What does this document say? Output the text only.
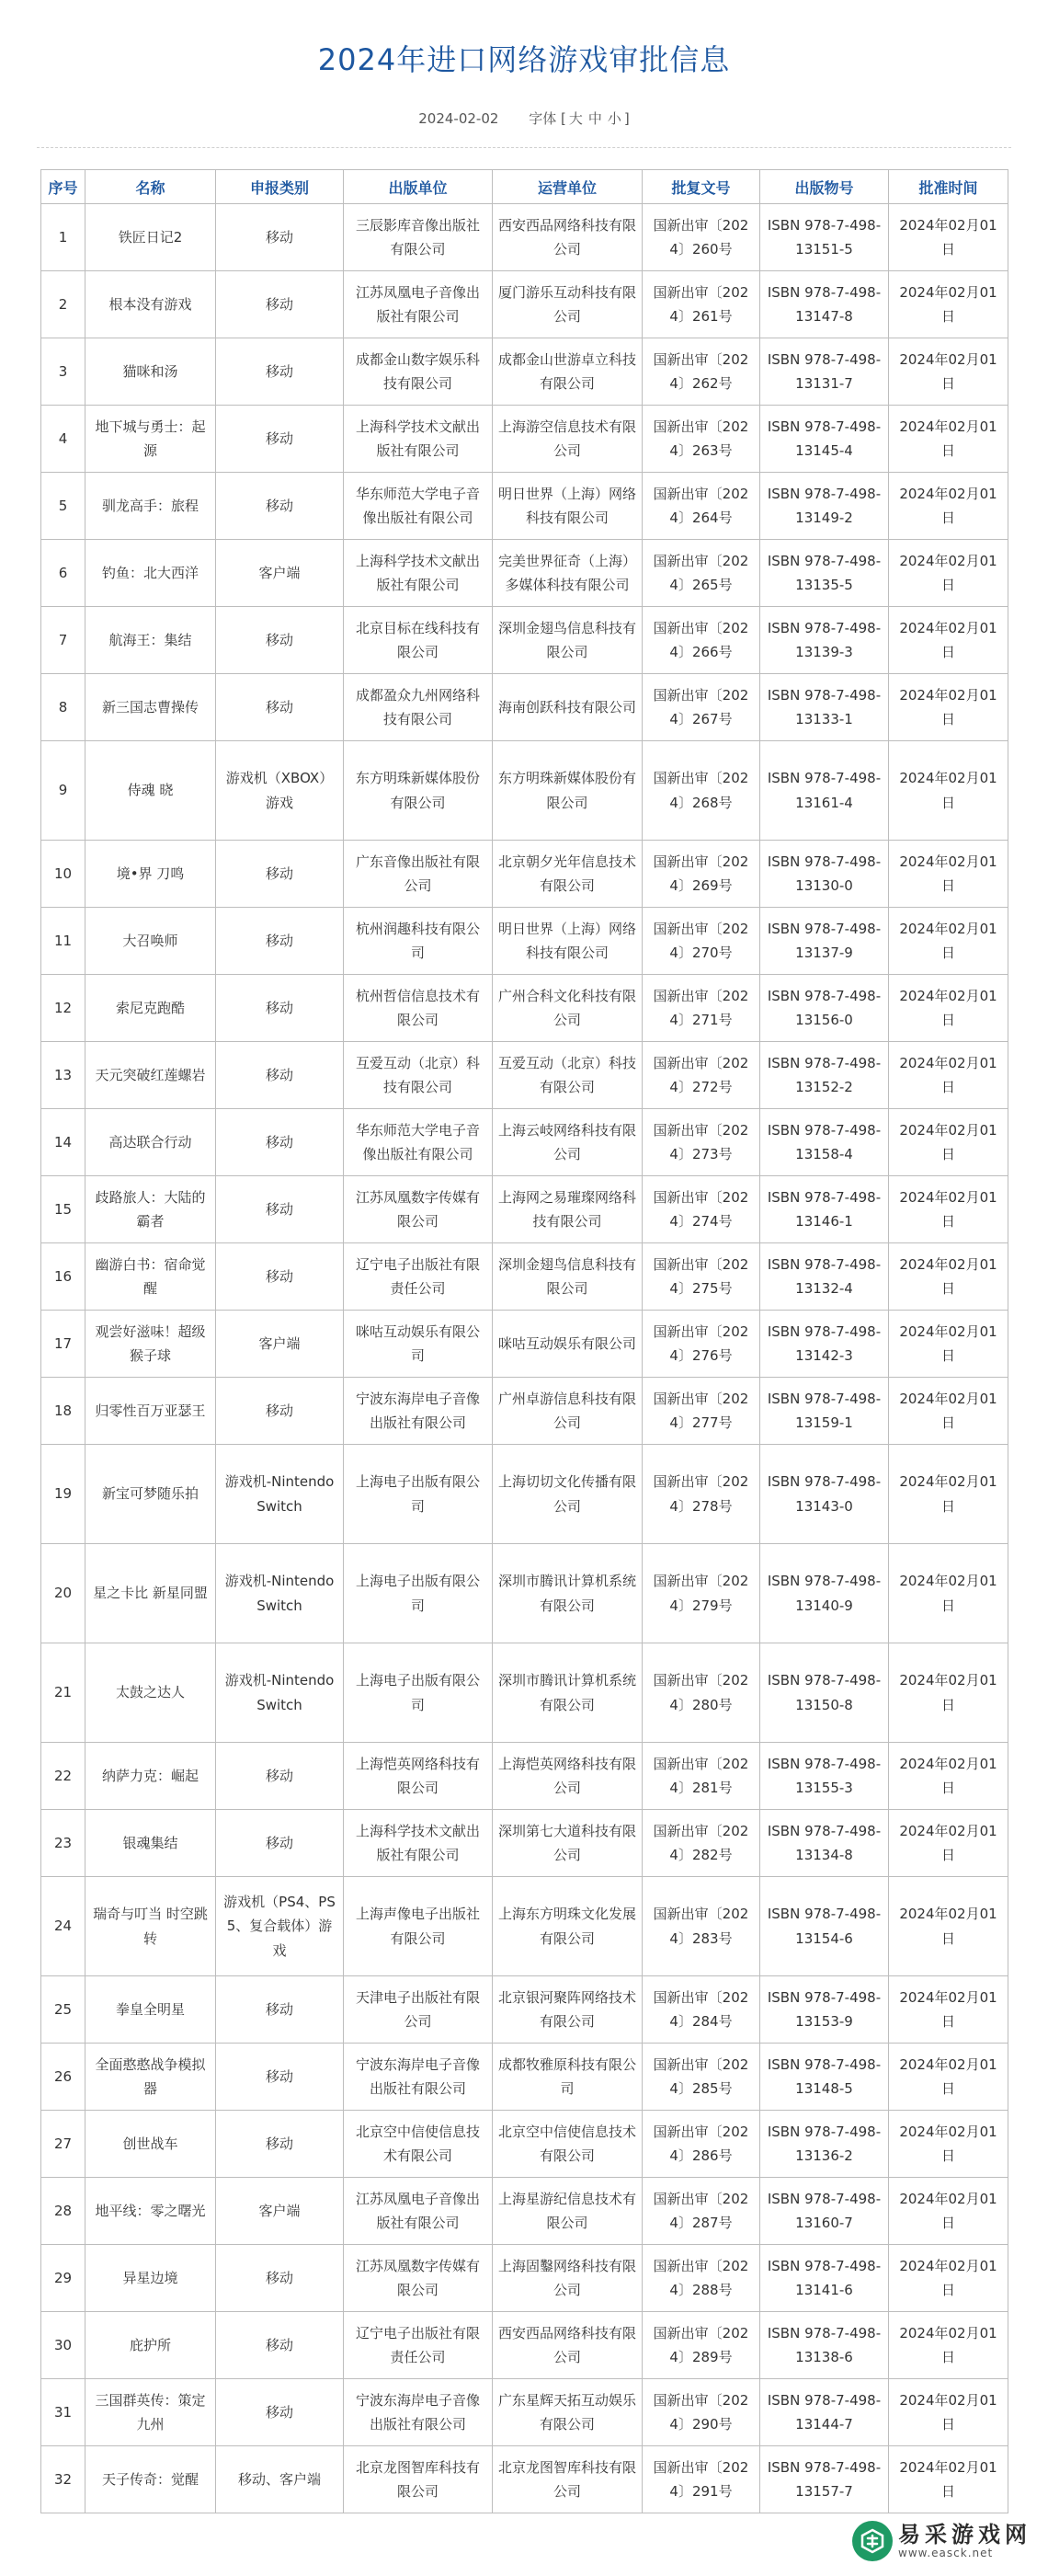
2024年进口网络游戏审批信息
2024-02-02 字体 [ 大 中 小 ]
序号	名称	申报类别	出版单位	运营单位	批复文号	出版物号	批准时间
1	铁匠日记2	移动	三辰影库音像出版社有限公司	西安西品网络科技有限公司	国新出审〔2024〕260号	ISBN 978-7-498-13151-5	2024年02月01日
2	根本没有游戏	移动	江苏凤凰电子音像出版社有限公司	厦门游乐互动科技有限公司	国新出审〔2024〕261号	ISBN 978-7-498-13147-8	2024年02月01日
3	猫咪和汤	移动	成都金山数字娱乐科技有限公司	成都金山世游卓立科技有限公司	国新出审〔2024〕262号	ISBN 978-7-498-13131-7	2024年02月01日
4	地下城与勇士：起源	移动	上海科学技术文献出版社有限公司	上海游空信息技术有限公司	国新出审〔2024〕263号	ISBN 978-7-498-13145-4	2024年02月01日
5	驯龙高手：旅程	移动	华东师范大学电子音像出版社有限公司	明日世界（上海）网络科技有限公司	国新出审〔2024〕264号	ISBN 978-7-498-13149-2	2024年02月01日
6	钓鱼：北大西洋	客户端	上海科学技术文献出版社有限公司	完美世界征奇（上海）多媒体科技有限公司	国新出审〔2024〕265号	ISBN 978-7-498-13135-5	2024年02月01日
7	航海王：集结	移动	北京目标在线科技有限公司	深圳金翅鸟信息科技有限公司	国新出审〔2024〕266号	ISBN 978-7-498-13139-3	2024年02月01日
8	新三国志曹操传	移动	成都盈众九州网络科技有限公司	海南创跃科技有限公司	国新出审〔2024〕267号	ISBN 978-7-498-13133-1	2024年02月01日
9	侍魂 晓	游戏机（XBOX）游戏	东方明珠新媒体股份有限公司	东方明珠新媒体股份有限公司	国新出审〔2024〕268号	ISBN 978-7-498-13161-4	2024年02月01日
10	境•界 刀鸣	移动	广东音像出版社有限公司	北京朝夕光年信息技术有限公司	国新出审〔2024〕269号	ISBN 978-7-498-13130-0	2024年02月01日
11	大召唤师	移动	杭州润趣科技有限公司	明日世界（上海）网络科技有限公司	国新出审〔2024〕270号	ISBN 978-7-498-13137-9	2024年02月01日
12	索尼克跑酷	移动	杭州哲信信息技术有限公司	广州合科文化科技有限公司	国新出审〔2024〕271号	ISBN 978-7-498-13156-0	2024年02月01日
13	天元突破红莲螺岩	移动	互爱互动（北京）科技有限公司	互爱互动（北京）科技有限公司	国新出审〔2024〕272号	ISBN 978-7-498-13152-2	2024年02月01日
14	高达联合行动	移动	华东师范大学电子音像出版社有限公司	上海云岐网络科技有限公司	国新出审〔2024〕273号	ISBN 978-7-498-13158-4	2024年02月01日
15	歧路旅人：大陆的霸者	移动	江苏凤凰数字传媒有限公司	上海网之易璀璨网络科技有限公司	国新出审〔2024〕274号	ISBN 978-7-498-13146-1	2024年02月01日
16	幽游白书：宿命觉醒	移动	辽宁电子出版社有限责任公司	深圳金翅鸟信息科技有限公司	国新出审〔2024〕275号	ISBN 978-7-498-13132-4	2024年02月01日
17	观尝好滋味！超级猴子球	客户端	咪咕互动娱乐有限公司	咪咕互动娱乐有限公司	国新出审〔2024〕276号	ISBN 978-7-498-13142-3	2024年02月01日
18	归零性百万亚瑟王	移动	宁波东海岸电子音像出版社有限公司	广州卓游信息科技有限公司	国新出审〔2024〕277号	ISBN 978-7-498-13159-1	2024年02月01日
19	新宝可梦随乐拍	游戏机-Nintendo Switch	上海电子出版有限公司	上海切切文化传播有限公司	国新出审〔2024〕278号	ISBN 978-7-498-13143-0	2024年02月01日
20	星之卡比 新星同盟	游戏机-Nintendo Switch	上海电子出版有限公司	深圳市腾讯计算机系统有限公司	国新出审〔2024〕279号	ISBN 978-7-498-13140-9	2024年02月01日
21	太鼓之达人	游戏机-Nintendo Switch	上海电子出版有限公司	深圳市腾讯计算机系统有限公司	国新出审〔2024〕280号	ISBN 978-7-498-13150-8	2024年02月01日
22	纳萨力克：崛起	移动	上海恺英网络科技有限公司	上海恺英网络科技有限公司	国新出审〔2024〕281号	ISBN 978-7-498-13155-3	2024年02月01日
23	银魂集结	移动	上海科学技术文献出版社有限公司	深圳第七大道科技有限公司	国新出审〔2024〕282号	ISBN 978-7-498-13134-8	2024年02月01日
24	瑞奇与叮当 时空跳转	游戏机（PS4、PS5、复合载体）游戏	上海声像电子出版社有限公司	上海东方明珠文化发展有限公司	国新出审〔2024〕283号	ISBN 978-7-498-13154-6	2024年02月01日
25	拳皇全明星	移动	天津电子出版社有限公司	北京银河聚阵网络技术有限公司	国新出审〔2024〕284号	ISBN 978-7-498-13153-9	2024年02月01日
26	全面憨憨战争模拟器	移动	宁波东海岸电子音像出版社有限公司	成都牧雅原科技有限公司	国新出审〔2024〕285号	ISBN 978-7-498-13148-5	2024年02月01日
27	创世战车	移动	北京空中信使信息技术有限公司	北京空中信使信息技术有限公司	国新出审〔2024〕286号	ISBN 978-7-498-13136-2	2024年02月01日
28	地平线：零之曙光	客户端	江苏凤凰电子音像出版社有限公司	上海星游纪信息技术有限公司	国新出审〔2024〕287号	ISBN 978-7-498-13160-7	2024年02月01日
29	异星边境	移动	江苏凤凰数字传媒有限公司	上海固鑿网络科技有限公司	国新出审〔2024〕288号	ISBN 978-7-498-13141-6	2024年02月01日
30	庇护所	移动	辽宁电子出版社有限责任公司	西安西品网络科技有限公司	国新出审〔2024〕289号	ISBN 978-7-498-13138-6	2024年02月01日
31	三国群英传：策定九州	移动	宁波东海岸电子音像出版社有限公司	广东星辉天拓互动娱乐有限公司	国新出审〔2024〕290号	ISBN 978-7-498-13144-7	2024年02月01日
32	天子传奇：觉醒	移动、客户端	北京龙图智库科技有限公司	北京龙图智库科技有限公司	国新出审〔2024〕291号	ISBN 978-7-498-13157-7	2024年02月01日
易采游戏网
www.easck.net
